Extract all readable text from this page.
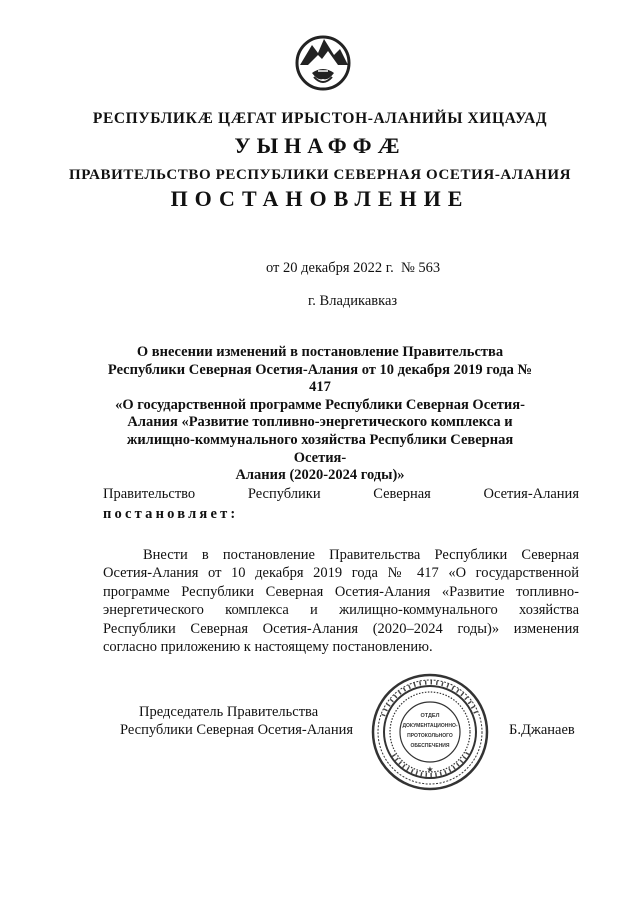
РЕСПУБЛИКӔ ЦӔГАТ ИРЫСТОН-АЛАНИЙЫ ХИЦАУАД
УЫНАФФӔ
ПРАВИТЕЛЬСТВО РЕСПУБЛИКИ СЕВЕРНАЯ ОСЕТИЯ-АЛАНИЯ
ПОСТАНОВЛЕНИЕ
от 20 декабря 2022 г.  № 563
г. Владикавказ
О внесении изменений в постановление Правительства
Республики Северная Осетия-Алания от 10 декабря 2019 года № 417
«О государственной программе Республики Северная Осетия-
Алания «Развитие топливно-энергетического комплекса и
жилищно-коммунального хозяйства Республики Северная Осетия-
Алания (2020-2024 годы)»
Правительство Республики Северная Осетия-Алания
постановляет:
Внести в постановление Правительства Республики Северная Осетия-Алания от 10 декабря 2019 года № 417 «О государственной программе Республики Северная Осетия-Алания «Развитие топливно-энергетического комплекса и жилищно-коммунального хозяйства Республики Северная Осетия-Алания (2020–2024 годы)» изменения согласно приложению к настоящему постановлению.
Председатель Правительства
Республики Северная Осетия-Алания	Б.Джанаев
ОТДЕЛ
ДОКУМЕНТАЦИОННО-
ПРОТОКОЛЬНОГО
ОБЕСПЕЧЕНИЯ
★
